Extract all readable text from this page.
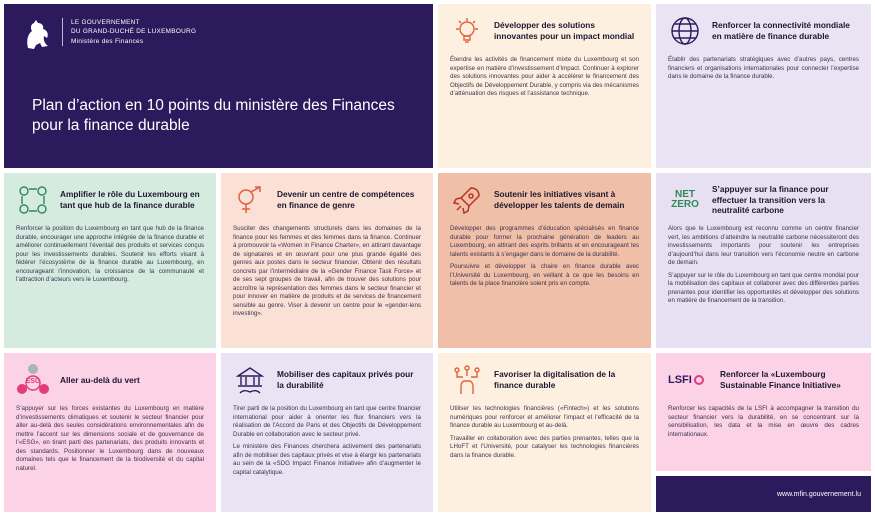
LE GOUVERNEMENT
DU GRAND-DUCHÉ DE LUXEMBOURG
Ministère des Finances
Plan d’action en 10 points du ministère des Finances pour la finance durable
Développer des solutions innovantes pour un impact mondial
Étendre les activités de financement mixte du Luxembourg et son expertise en matière d’investissement d’impact. Continuer à explorer des solutions innovantes pour aider à accélérer le financement des Objectifs de Développement Durable, y compris via des mécanismes d’atténuation des risques et l’assistance technique.
Renforcer la connectivité mondiale en matière de finance durable
Établir des partenariats stratégiques avec d’autres pays, centres financiers et organisations internationales pour connecter l’expertise dans le domaine de la finance durable.
Amplifier le rôle du Luxembourg en tant que hub de la finance durable
Renforcer la position du Luxembourg en tant que hub de la finance durable, encourager une approche intégrée de la finance durable et améliorer continuellement l’éventail des produits et services conçus pour les investissements durables. Soutenir les efforts visant à fédérer l’écosystème de la finance durable au Luxembourg, en encourageant l’innovation, la croissance de la communauté et l’attraction d’acteurs vers le Luxembourg.
Devenir un centre de compétences en finance de genre
Susciter des changements structurels dans les domaines de la finance pour les femmes et des femmes dans la finance. Continuer à promouvoir la «Women in Finance Charter», en attirant davantage de signataires et en œuvrant pour une plus grande égalité des genres aux postes dans le secteur financier. Obtenir des résultats concrets par l’intermédiaire de la «Gender Finance Task Force» et de ses sept groupes de travail, afin de trouver des solutions pour accroître la représentation des femmes dans le secteur financier et pour innover en matière de produits et de services de financement sensible au genre. Viser à devenir un centre pour le «gender-lens investing».
Soutenir les initiatives visant à développer les talents de demain

Développer des programmes d’éducation spécialisés en finance durable pour former la prochaine génération de leaders au Luxembourg, en attirant des esprits brillants et en encourageant les talents existants à s’engager dans le domaine de la durabilité.

Poursuivre et développer la chaire en finance durable avec l’Université du Luxembourg, en veillant à ce que les besoins en talents de la place financière soient pris en compte.

NET
ZERO
S’appuyer sur la finance pour effectuer la transition vers la neutralité carbone

Alors que le Luxembourg est reconnu comme un centre financier vert, les ambitions d’atteindre la neutralité carbone nécessiteront des investissements importants pour soutenir les entreprises d’aujourd’hui dans leur transition vers l’économie neutre en carbone de demain.

S’appuyer sur le rôle du Luxembourg en tant que centre mondial pour la mobilisation des capitaux et collaborer avec des différentes parties prenantes pour identifier les opportunités et développer des solutions en matière de financement de la transition.

ESG	Aller au-delà du vert
S’appuyer sur les forces existantes du Luxembourg en matière d’investissements climatiques et soutenir le secteur financier pour aller au-delà des seules considérations environnementales afin de mettre l’accent sur les dimensions sociale et de gouvernance de l’«ESG», en tirant parti des partenariats, des produits innovants et des standards. Positionner le Luxembourg dans de nouveaux domaines tels que le financement de la biodiversité et du capital naturel.
Mobiliser des capitaux privés pour la durabilité

Tirer parti de la position du Luxembourg en tant que centre financier international pour aider à orienter les flux financiers vers la réalisation de l’Accord de Paris et des Objectifs de Développement Durable en collaboration avec le secteur privé.

Le ministère des Finances cherchera activement des partenariats afin de mobiliser des capitaux privés et vise à élargir les partenariats au sein de la «SDG Impact Finance Initiative» afin d’augmenter le capital catalytique.

Favoriser la digitalisation de la finance durable

Utiliser les technologies financières («Fintech») et les solutions numériques pour renforcer et améliorer l’impact et l’efficacité de la finance durable au Luxembourg et au-delà.

Travailler en collaboration avec des parties prenantes, telles que la LHoFT et l’Université, pour catalyser les technologies financières dans la finance durable.

LSFI	Renforcer la «Luxembourg Sustainable Finance Initiative»
Renforcer les capacités de la LSFI à accompagner la transition du secteur financier vers la durabilité, en se concentrant sur la sensibilisation, les data et la mise en œuvre des cadres internationaux.
www.mfin.gouvernement.lu
